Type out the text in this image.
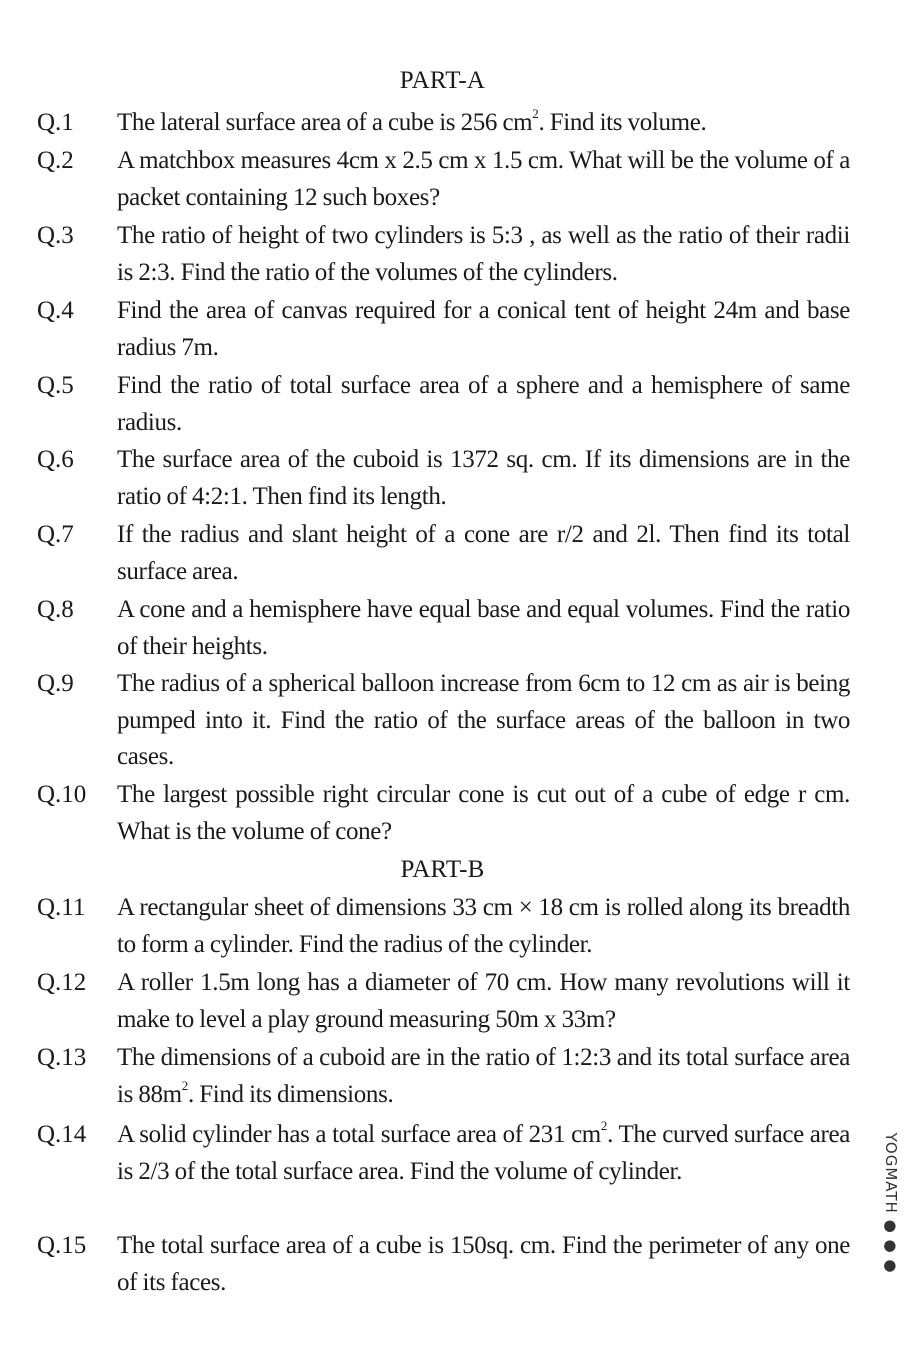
PART-A
Q.1 The lateral surface area of a cube is 256 $cm^2$. Find its volume.
Q.2 A matchbox measures 4cm x 2.5 cm x 1.5 cm. What will be the volume of a packet containing 12 such boxes?
Q.3 The ratio of height of two cylinders is 5:3 , as well as the ratio of their radii is 2:3. Find the ratio of the volumes of the cylinders.
Q.4 Find the area of canvas required for a conical tent of height 24m and base radius 7m.
Q.5 Find the ratio of total surface area of a sphere and a hemisphere of same radius.
Q.6 The surface area of the cuboid is 1372 sq. cm. If its dimensions are in the ratio of 4:2:1. Then find its length.
Q.7 If the radius and slant height of a cone are r/2 and 2l. Then find its total surface area.
Q.8 A cone and a hemisphere have equal base and equal volumes. Find the ratio of their heights.
Q.9 The radius of a spherical balloon increase from 6cm to 12 cm as air is being pumped into it. Find the ratio of the surface areas of the balloon in two cases.
Q.10 The largest possible right circular cone is cut out of a cube of edge r cm. What is the volume of cone?
PART-B
Q.11 A rectangular sheet of dimensions 33 cm × 18 cm is rolled along its breadth to form a cylinder. Find the radius of the cylinder.
Q.12 A roller 1.5m long has a diameter of 70 cm. How many revolutions will it make to level a play ground measuring 50m x 33m?
Q.13 The dimensions of a cuboid are in the ratio of 1:2:3 and its total surface area is $88m^2$. Find its dimensions.
Q.14 A solid cylinder has a total surface area of 231 $cm^2$. The curved surface area is 2/3 of the total surface area. Find the volume of cylinder.
Q.15 The total surface area of a cube is 150sq. cm. Find the perimeter of any one of its faces.
YOGMATH ● ● ●
